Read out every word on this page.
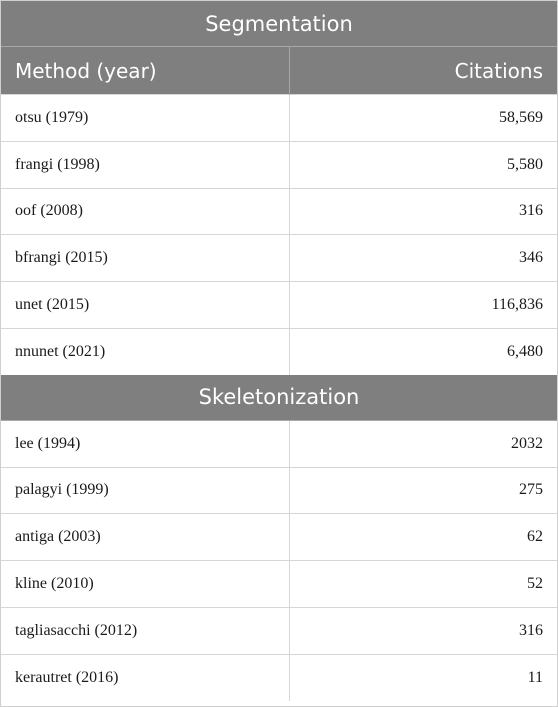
Segmentation	
Method (year)	Citations
otsu (1979)	58,569
frangi (1998)	5,580
oof (2008)	316
bfrangi (2015)	346
unet (2015)	116,836
nnunet (2021)	6,480
Skeletonization	
lee (1994)	2032
palagyi (1999)	275
antiga (2003)	62
kline (2010)	52
tagliasacchi (2012)	316
kerautret (2016)	11
